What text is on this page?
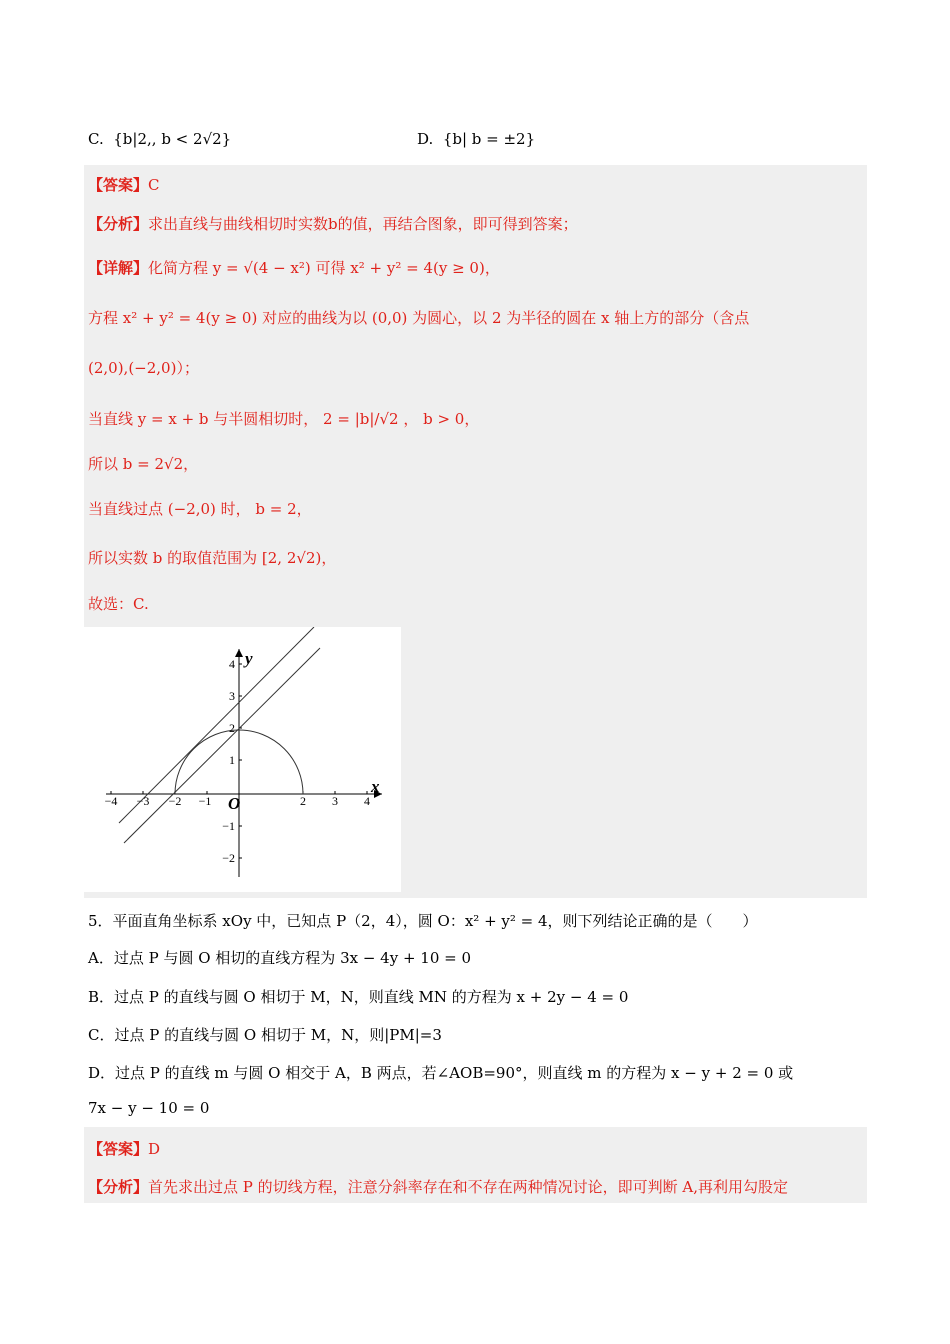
C. {b|2,, b < 2√2}	D. {b| b = ±2}
【答案】C
【分析】求出直线与曲线相切时实数b的值，再结合图象，即可得到答案；
【详解】化简方程 y = √(4 − x²) 可得 x² + y² = 4(y ≥ 0)，
方程 x² + y² = 4(y ≥ 0) 对应的曲线为以 (0,0) 为圆心，以 2 为半径的圆在 x 轴上方的部分（含点
(2,0),(−2,0)）；
当直线 y = x + b 与半圆相切时， 2 = |b|/√2 ， b > 0，
所以 b = 2√2，
当直线过点 (−2,0) 时， b = 2，
所以实数 b 的取值范围为 [2, 2√2)，
故选：C.
−4 −3 −2 −1	2 3 4
4
3
2
1
−1
−2
x
y
O
5．平面直角坐标系 xOy 中，已知点 P（2，4），圆 O：x² + y² = 4，则下列结论正确的是（　　）
A．过点 P 与圆 O 相切的直线方程为 3x − 4y + 10 = 0
B．过点 P 的直线与圆 O 相切于 M，N，则直线 MN 的方程为 x + 2y − 4 = 0
C．过点 P 的直线与圆 O 相切于 M，N，则|PM|=3
D．过点 P 的直线 m 与圆 O 相交于 A，B 两点，若∠AOB=90°，则直线 m 的方程为 x − y + 2 = 0 或
7x − y − 10 = 0
【答案】D
【分析】首先求出过点 P 的切线方程，注意分斜率存在和不存在两种情况讨论，即可判断 A,再利用勾股定
